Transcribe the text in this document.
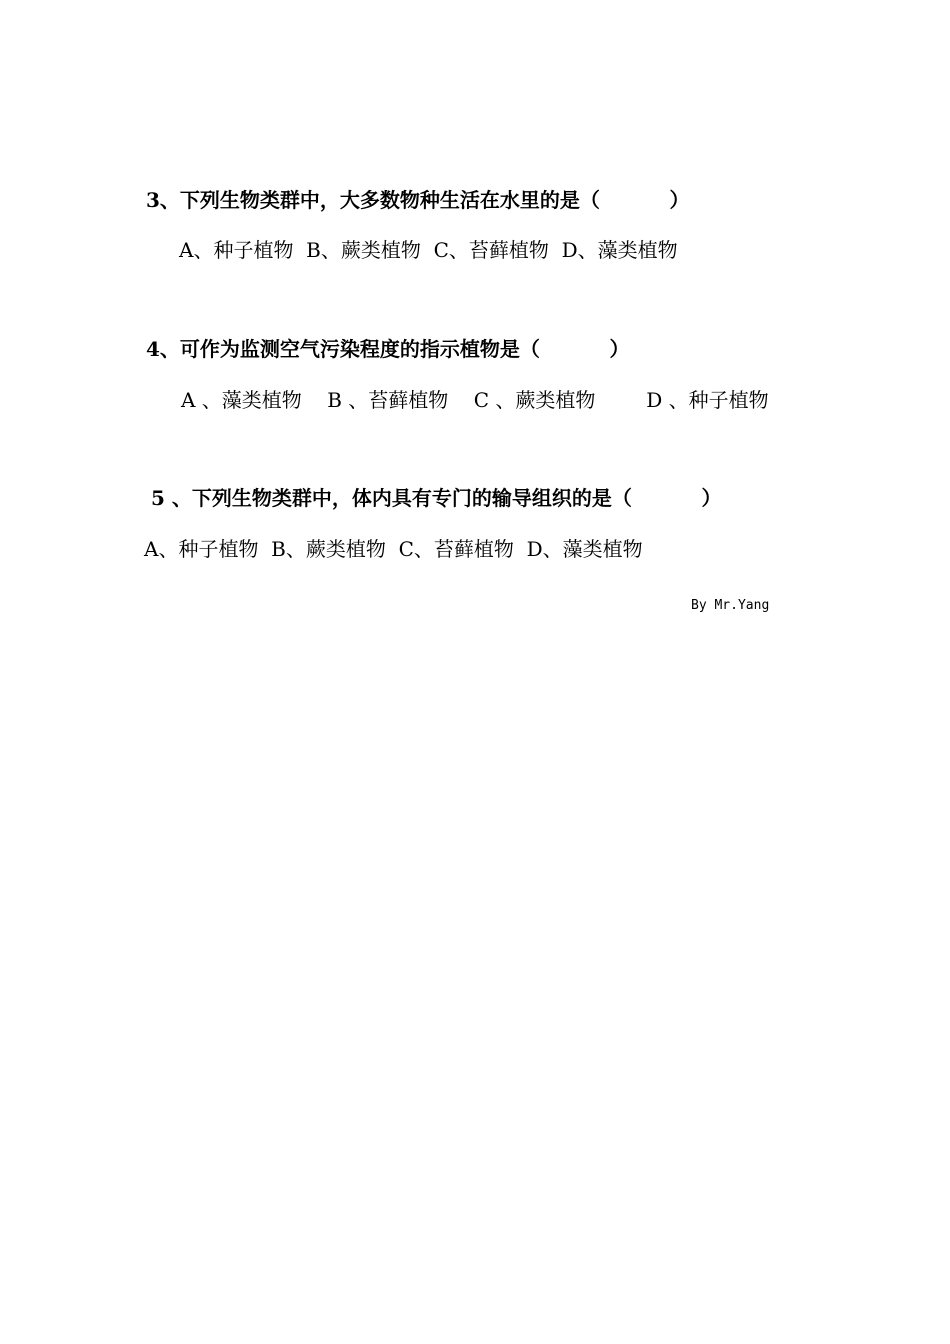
3、下列生物类群中，大多数物种生活在水里的是（          ）
A、种子植物  B、蕨类植物  C、苔藓植物  D、藻类植物
4、可作为监测空气污染程度的指示植物是（          ）
A 、藻类植物    B 、苔藓植物    C 、蕨类植物        D 、种子植物
5 、下列生物类群中，体内具有专门的输导组织的是（          ）
A、种子植物  B、蕨类植物  C、苔藓植物  D、藻类植物
By Mr.Yang
